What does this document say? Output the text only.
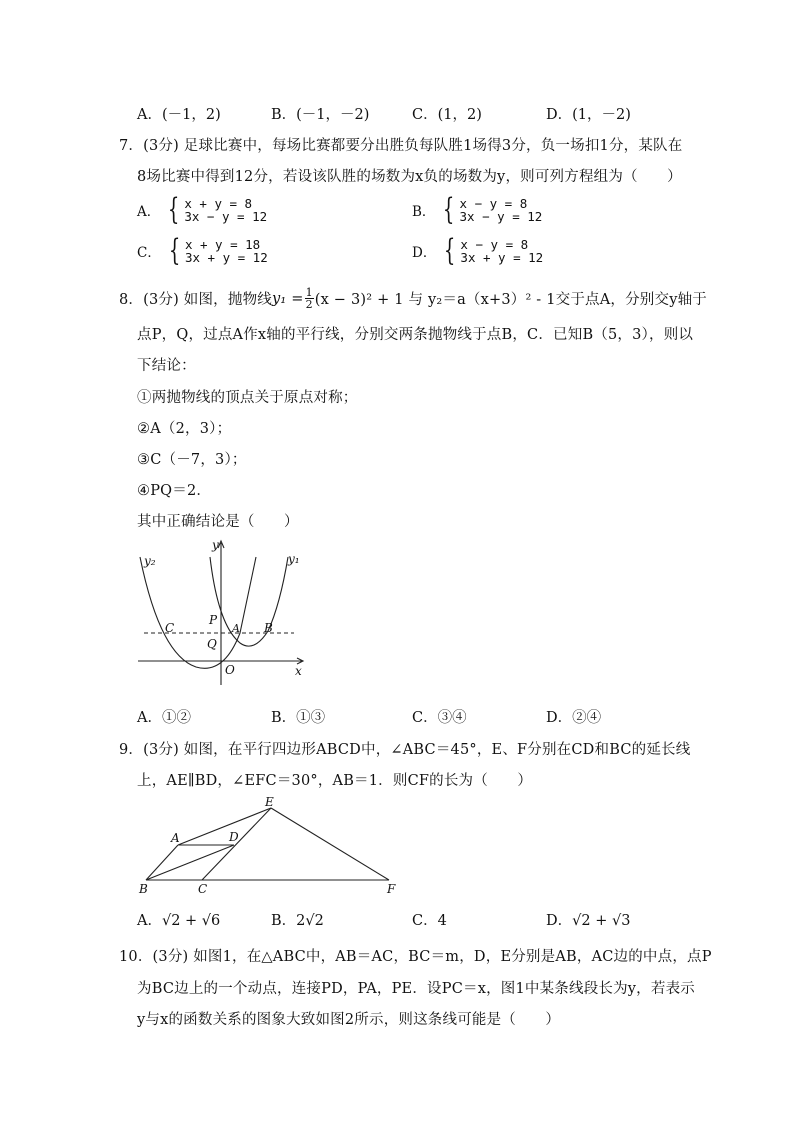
A．(－1，2)	B．(－1，－2)	C．(1，2)	D．(1，－2)
7．(3分) 足球比赛中，每场比赛都要分出胜负每队胜1场得3分，负一场扣1分，某队在
8场比赛中得到12分，若设该队胜的场数为x负的场数为y，则可列方程组为（　　）
A． { x + y = 8
3x − y = 12	B． { x − y = 8
3x − y = 12
C． { x + y = 18
3x + y = 12	D． { x − y = 8
3x + y = 12
8．(3分) 如图，抛物线 $y_1 = \frac{1}{2} (x - 3)^2 + 1$ 与 y₂＝a（x+3）² - 1交于点A，分别交y轴于
点P，Q，过点A作x轴的平行线，分别交两条抛物线于点B，C．已知B（5，3），则以
下结论：
①两抛物线的顶点关于原点对称；
②A（2，3）；
③C（－7，3）；
④PQ＝2．
其中正确结论是（　　）
y₂
y
y₁
P
A B
C
Q
O	x
A．①②	B．①③	C．③④	D．②④
9．(3分) 如图，在平行四边形ABCD中，∠ABC＝45°，E、F分别在CD和BC的延长线
上，AE∥BD，∠EFC＝30°，AB＝1．则CF的长为（　　）
A	D
E
B	C	F
A．√2 + √6	B．2√2	C．4	D．√2 + √3
10．(3分) 如图1，在△ABC中，AB＝AC，BC＝m，D，E分别是AB，AC边的中点，点P
为BC边上的一个动点，连接PD，PA，PE．设PC＝x，图1中某条线段长为y，若表示
y与x的函数关系的图象大致如图2所示，则这条线可能是（　　）
